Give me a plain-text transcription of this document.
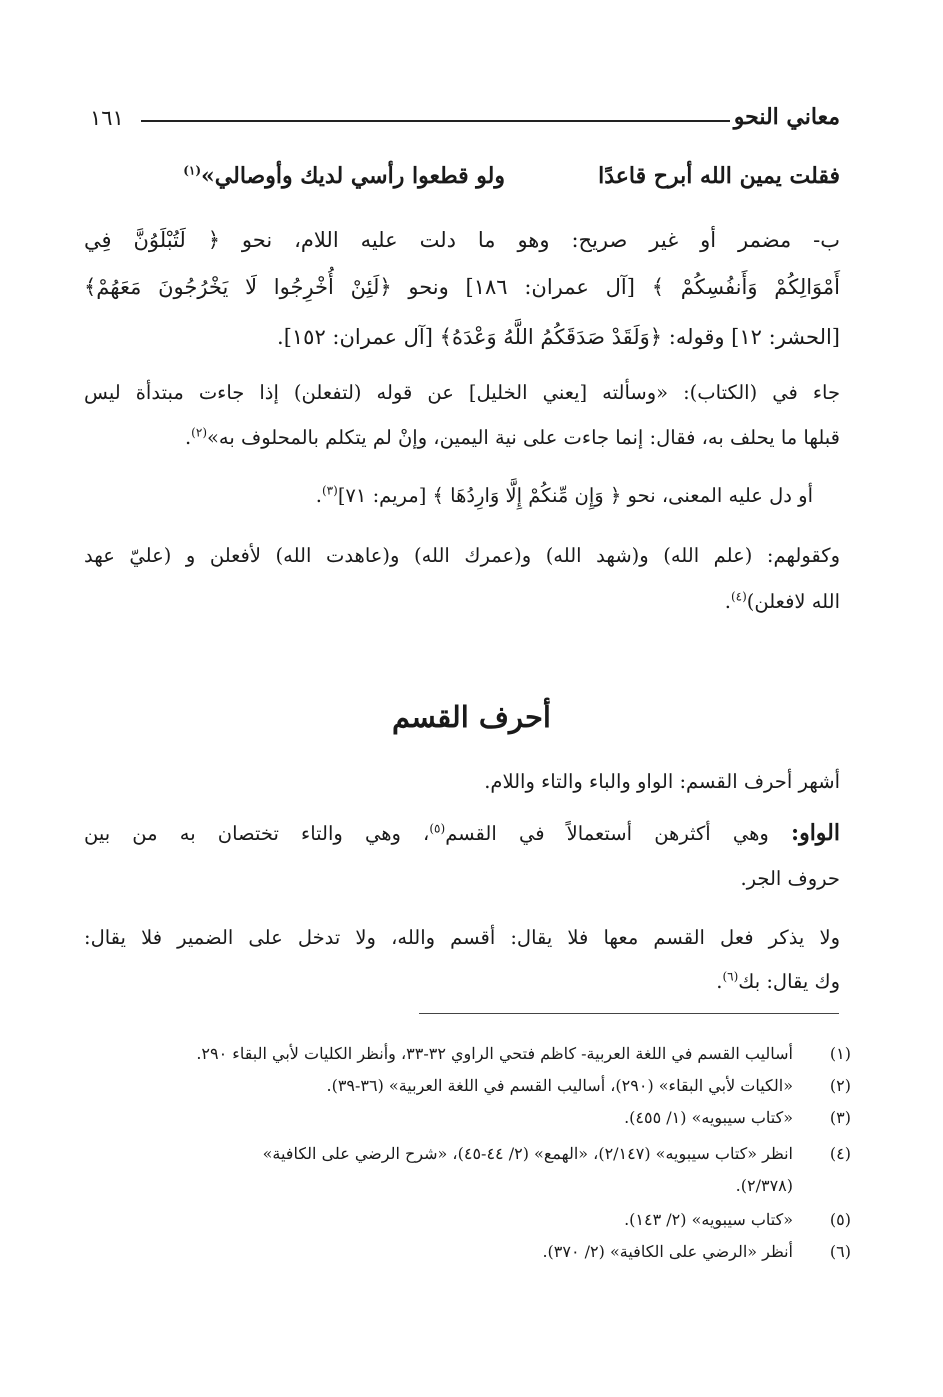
معاني النحو
١٦١
فقلت يمين الله أبرح قاعدًا
ولو قطعوا رأسي لديك وأوصالي»$^{(١)}$
ب- مضمر أو غير صريح: وهو ما دلت عليه اللام، نحو ﴿ لَتُبْلَوُنَّ فِي
أَمْوَالِكُمْ وَأَنفُسِكُمْ ﴾ [آل عمران: ١٨٦] ونحو ﴿لَئِنْ أُخْرِجُوا لَا يَخْرُجُونَ مَعَهُمْ﴾
[الحشر: ١٢] وقوله: ﴿وَلَقَدْ صَدَقَكُمُ اللَّهُ وَعْدَهُ﴾ [آل عمران: ١٥٢].
جاء في (الكتاب): «وسألته [يعني الخليل] عن قوله (لتفعلن) إذا جاءت مبتدأة ليس
قبلها ما يحلف به، فقال: إنما جاءت على نية اليمين، وإنْ لم يتكلم بالمحلوف به»$^{(٢)}$.
أو دل عليه المعنى، نحو ﴿ وَإِن مِّنكُمْ إِلَّا وَارِدُهَا ﴾ [مريم: ٧١]$^{(٣)}$.
وكقولهم: (علم الله) و(شهد الله) و(عمرك الله) و(عاهدت الله) لأفعلن و (عليّ عهد
الله لافعلن)$^{(٤)}$.
أحرف القسم
أشهر أحرف القسم: الواو والباء والتاء واللام.
الواو: وهي أكثرهن أستعمالاً في القسم$^{(٥)}$، وهي والتاء تختصان به من بين
حروف الجر.
ولا يذكر فعل القسم معها فلا يقال: أقسم والله، ولا تدخل على الضمير فلا يقال:
وك يقال: بك$^{(٦)}$.
(١)أساليب القسم في اللغة العربية- كاظم فتحي الراوي ٣٢-٣٣، وأنظر الكليات لأبي البقاء ٢٩٠.
(٢)«الكيات لأبي البقاء» (٢٩٠)، أساليب القسم في اللغة العربية» (٣٦-٣٩).
(٣)«كتاب سيبويه» (١/ ٤٥٥).
(٤)انظر «كتاب سيبويه» (٢/١٤٧)، «الهمع» (٢/ ٤٤-٤٥)، «شرح الرضي على الكافية»
(٢/٣٧٨).
(٥)«كتاب سيبويه» (٢/ ١٤٣).
(٦)أنظر «الرضي على الكافية» (٢/ ٣٧٠).
